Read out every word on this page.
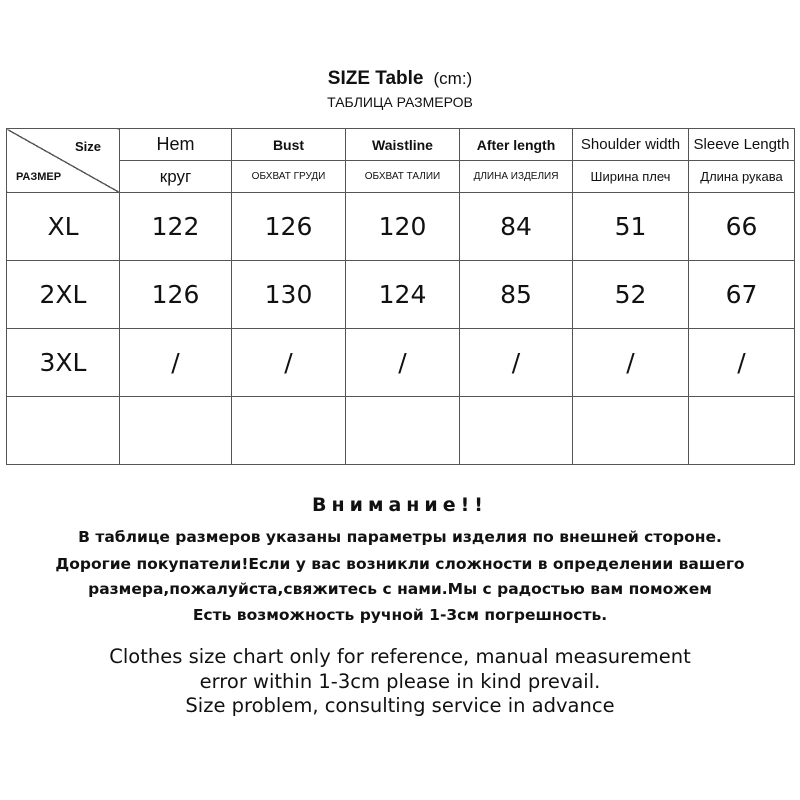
SIZE Table (cm:)
ТАБЛИЦА РАЗМЕРОВ
Size
РАЗМЕР	Hem	Bust	Waistline	After length	Shoulder width	Sleeve Length
	круг	ОБХВАТ ГРУДИ	ОБХВАТ ТАЛИИ	ДЛИНА ИЗДЕЛИЯ	Ширина плеч	Длина рукава
XL	122	126	120	84	51	66
2XL	126	130	124	85	52	67
3XL	/	/	/	/	/	/

Внимание!!
В таблице размеров указаны параметры изделия по внешней стороне.
Дорогие покупатели!Если у вас возникли сложности в определении вашего
размера,пожалуйста,свяжитесь с нами.Мы с радостью вам поможем
Есть возможность ручной 1-3см погрешность.
Clothes size chart only for reference, manual measurement
error within 1-3cm please in kind prevail.
Size problem, consulting service in advance
